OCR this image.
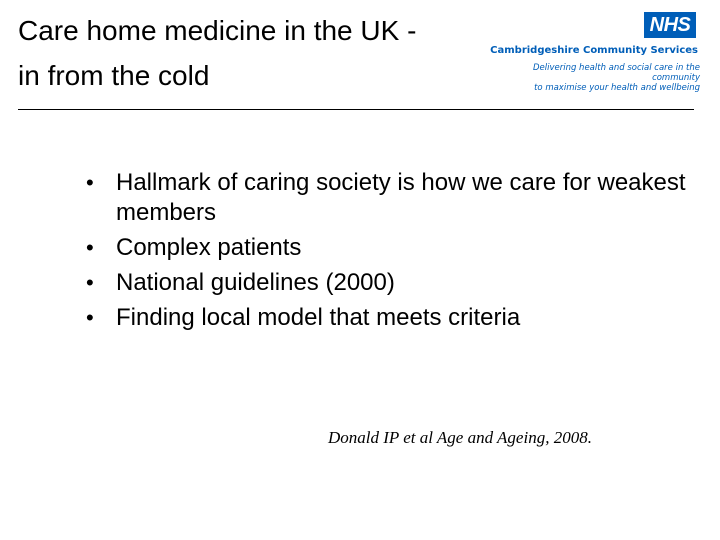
Care home medicine in the UK -
in from the cold
NHS
Cambridgeshire Community Services
Delivering health and social care in the community
to maximise your health and wellbeing
• Hallmark of caring society is how we care for weakest members
• Complex patients
• National guidelines (2000)
• Finding local model that meets criteria
Donald IP et al Age and Ageing, 2008.
